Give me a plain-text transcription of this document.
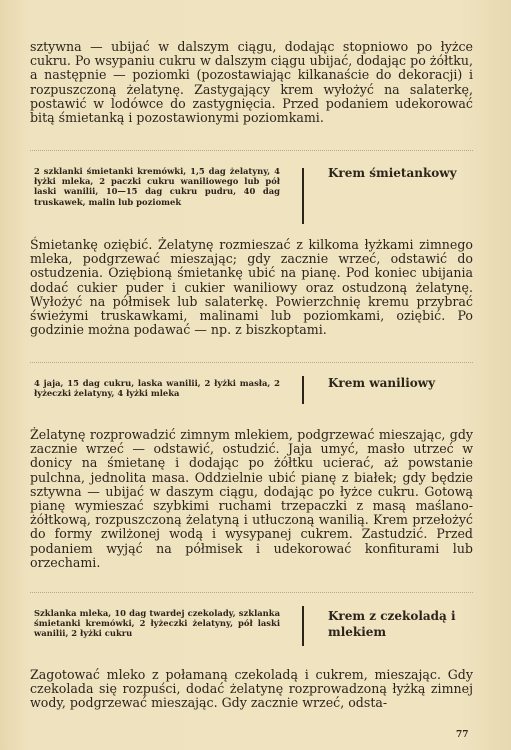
sztywna — ubijać w dalszym ciągu, dodając stopniowo po łyżce cukru. Po wsypaniu cukru w dalszym ciągu ubijać, dodając po żółtku, a następnie — poziomki (pozostawiając kilkanaście do dekoracji) i rozpuszczoną żelatynę. Zastygający krem wyłożyć na salaterkę, postawić w lodówce do zastygnięcia. Przed podaniem udekorować bitą śmietanką i pozostawionymi poziomkami.

2 szklanki śmietanki kremówki, 1,5 dag żelatyny, 4 łyżki mleka, 2 paczki cukru waniliowego lub pół laski wanilii, 10—15 dag cukru pudru, 40 dag truskawek, malin lub poziomek

Krem śmietankowy

Śmietankę oziębić. Żelatynę rozmieszać z kilkoma łyżkami zimnego mleka, podgrzewać mieszając; gdy zacznie wrzeć, odstawić do ostudzenia. Oziębioną śmietankę ubić na pianę. Pod koniec ubijania dodać cukier puder i cukier waniliowy oraz ostudzoną żelatynę. Wyłożyć na półmisek lub salaterkę. Powierzchnię kremu przybrać świeżymi truskawkami, malinami lub poziomkami, oziębić. Po godzinie można podawać — np. z biszkoptami.

4 jaja, 15 dag cukru, laska wanilii, 2 łyżki masła, 2 łyżeczki żelatyny, 4 łyżki mleka

Krem waniliowy

Żelatynę rozprowadzić zimnym mlekiem, podgrzewać mieszając, gdy zacznie wrzeć — odstawić, ostudzić. Jaja umyć, masło utrzeć w donicy na śmietanę i dodając po żółtku ucierać, aż powstanie pulchna, jednolita masa. Oddzielnie ubić pianę z białek; gdy będzie sztywna — ubijać w daszym ciągu, dodając po łyżce cukru. Gotową pianę wymieszać szybkimi ruchami trzepaczki z masą maślano-żółtkową, rozpuszczoną żelatyną i utłuczoną wanilią. Krem przełożyć do formy zwilżonej wodą i wysypanej cukrem. Zastudzić. Przed podaniem wyjąć na półmisek i udekorować konfiturami lub orzechami.

Szklanka mleka, 10 dag twardej czekolady, szklanka śmietanki kremówki, 2 łyżeczki żelatyny, pół laski wanilii, 2 łyżki cukru

Krem z czekoladą i mlekiem

Zagotować mleko z połamaną czekoladą i cukrem, mieszając. Gdy czekolada się rozpuści, dodać żelatynę rozprowadzoną łyżką zimnej wody, podgrzewać mieszając. Gdy zacznie wrzeć, odsta-

77
